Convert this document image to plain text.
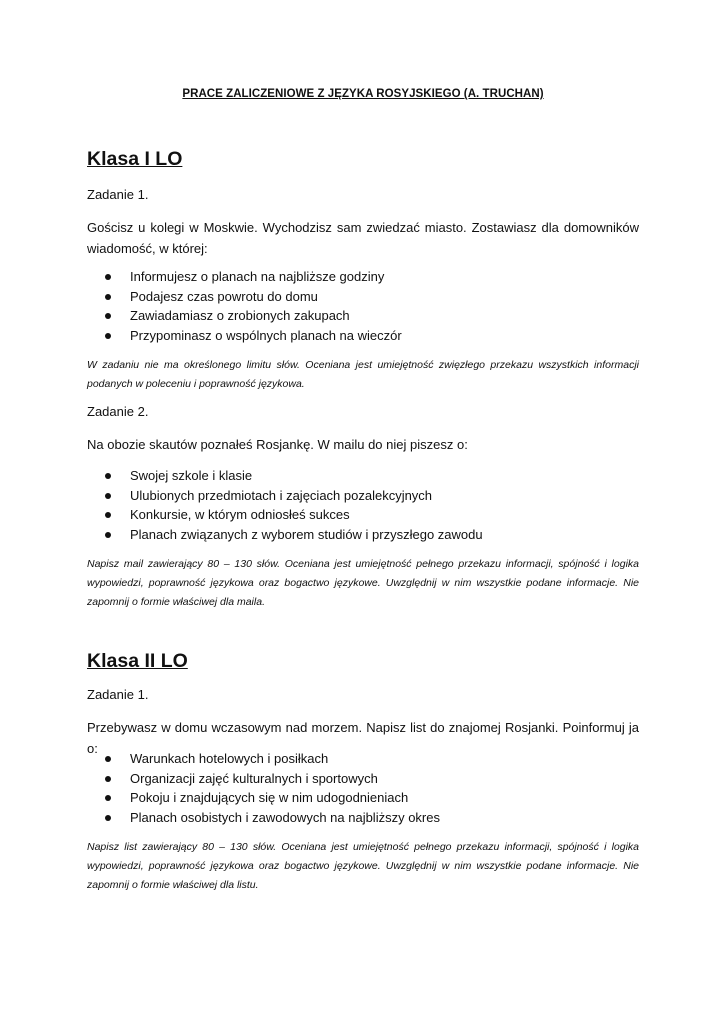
PRACE ZALICZENIOWE Z JĘZYKA ROSYJSKIEGO (A. TRUCHAN)
Klasa I LO

Zadanie 1.

Gościsz u kolegi w Moskwie. Wychodzisz sam zwiedzać miasto. Zostawiasz dla domowników wiadomość, w której:

Informujesz o planach na najbliższe godziny
Podajesz czas powrotu do domu
Zawiadamiasz o zrobionych zakupach
Przypominasz o wspólnych planach na wieczór

W zadaniu nie ma określonego limitu słów. Oceniana jest umiejętność zwięzłego przekazu wszystkich informacji podanych w poleceniu i poprawność językowa.

Zadanie 2.

Na obozie skautów poznałeś Rosjankę. W mailu do niej piszesz o:

Swojej szkole i klasie
Ulubionych przedmiotach i zajęciach pozalekcyjnych
Konkursie, w którym odniosłeś sukces
Planach związanych z wyborem studiów i przyszłego zawodu

Napisz mail zawierający 80 – 130 słów. Oceniana jest umiejętność pełnego przekazu informacji, spójność i logika wypowiedzi, poprawność językowa oraz bogactwo językowe. Uwzględnij w nim wszystkie podane informacje. Nie zapomnij o formie właściwej dla maila.

Klasa II LO

Zadanie 1.

Przebywasz w domu wczasowym nad morzem. Napisz list do znajomej Rosjanki. Poinformuj ja o:

Warunkach hotelowych i posiłkach
Organizacji zajęć kulturalnych i sportowych
Pokoju i znajdujących się w nim udogodnieniach
Planach osobistych i zawodowych na najbliższy okres

Napisz list zawierający 80 – 130 słów. Oceniana jest umiejętność pełnego przekazu informacji, spójność i logika wypowiedzi, poprawność językowa oraz bogactwo językowe. Uwzględnij w nim wszystkie podane informacje. Nie zapomnij o formie właściwej dla listu.
